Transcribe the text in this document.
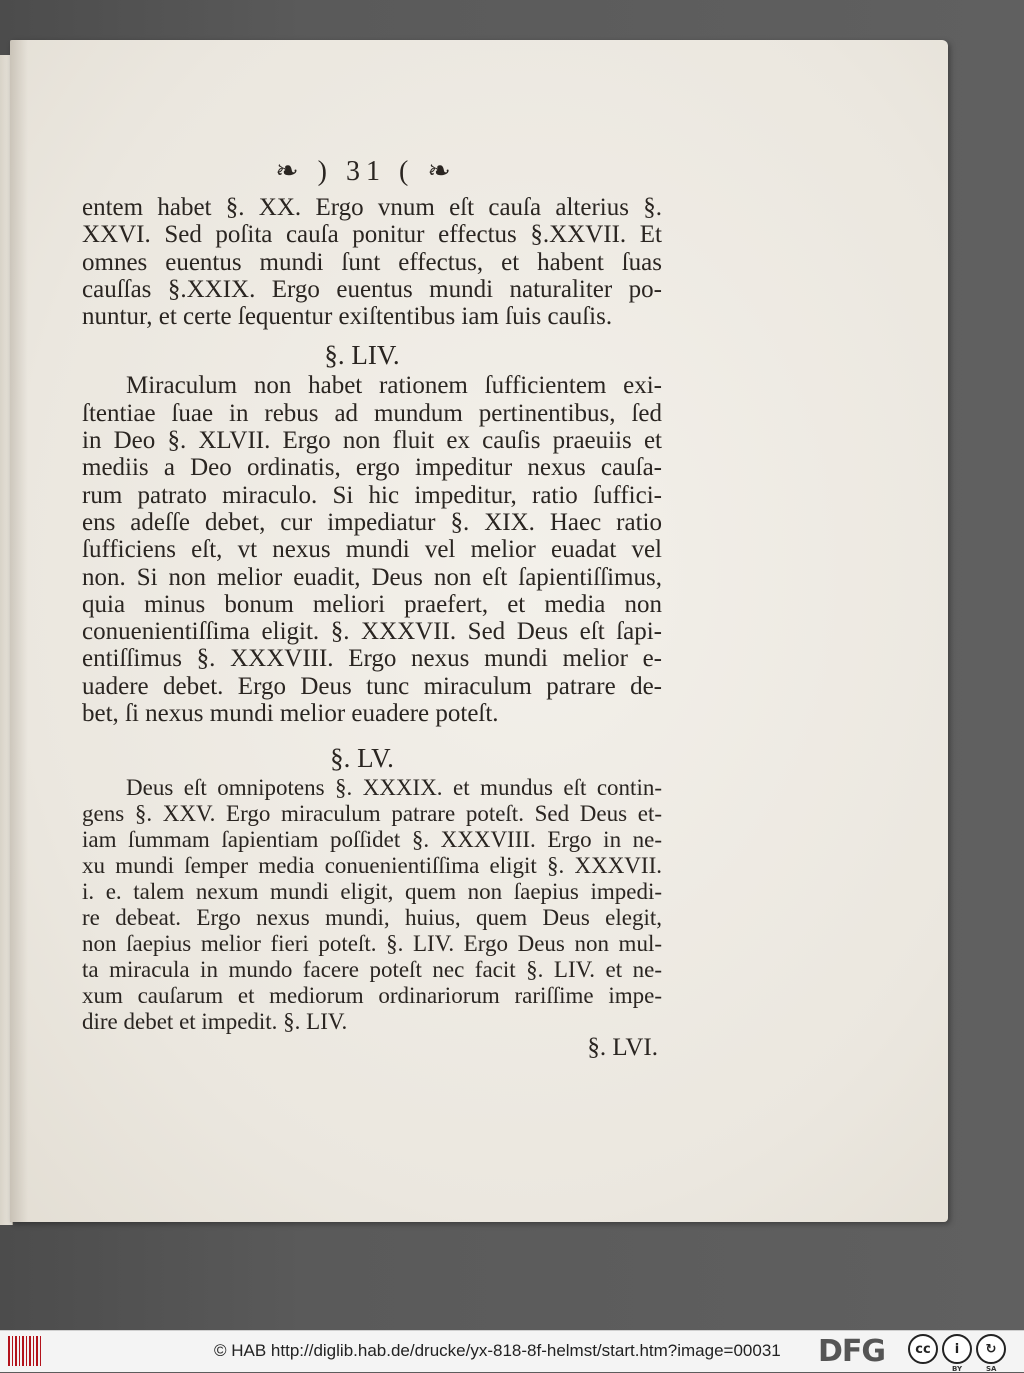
❧ ) 31 ( ❧
entem habet §. XX. Ergo vnum eſt cauſa alterius §.
XXVI. Sed poſita cauſa ponitur effectus §.XXVII. Et
omnes euentus mundi ſunt effectus, et habent ſuas
cauſſas §.XXIX. Ergo euentus mundi naturaliter po-
nuntur, et certe ſequentur exiſtentibus iam ſuis cauſis.
§. LIV.
Miraculum non habet rationem ſufficientem exi-
ſtentiae ſuae in rebus ad mundum pertinentibus, ſed
in Deo §. XLVII. Ergo non fluit ex cauſis praeuiis et
mediis a Deo ordinatis, ergo impeditur nexus cauſa-
rum patrato miraculo. Si hic impeditur, ratio ſuffici-
ens adeſſe debet, cur impediatur §. XIX. Haec ratio
ſufficiens eſt, vt nexus mundi vel melior euadat vel
non. Si non melior euadit, Deus non eſt ſapientiſſimus,
quia minus bonum meliori praefert, et media non
conuenientiſſima eligit. §. XXXVII. Sed Deus eſt ſapi-
entiſſimus §. XXXVIII. Ergo nexus mundi melior e-
uadere debet. Ergo Deus tunc miraculum patrare de-
bet, ſi nexus mundi melior euadere poteſt.
§. LV.
Deus eſt omnipotens §. XXXIX. et mundus eſt contin-
gens §. XXV. Ergo miraculum patrare poteſt. Sed Deus et-
iam ſummam ſapientiam poſſidet §. XXXVIII. Ergo in ne-
xu mundi ſemper media conuenientiſſima eligit §. XXXVII.
i. e. talem nexum mundi eligit, quem non ſaepius impedi-
re debeat. Ergo nexus mundi, huius, quem Deus elegit,
non ſaepius melior fieri poteſt. §. LIV. Ergo Deus non mul-
ta miracula in mundo facere poteſt nec facit §. LIV. et ne-
xum cauſarum et mediorum ordinariorum rariſſime impe-
dire debet et impedit. §. LIV.
§. LVI.
© HAB http://diglib.hab.de/drucke/yx-818-8f-helmst/start.htm?image=00031 DFG	cc	i
BY
↻
SA
